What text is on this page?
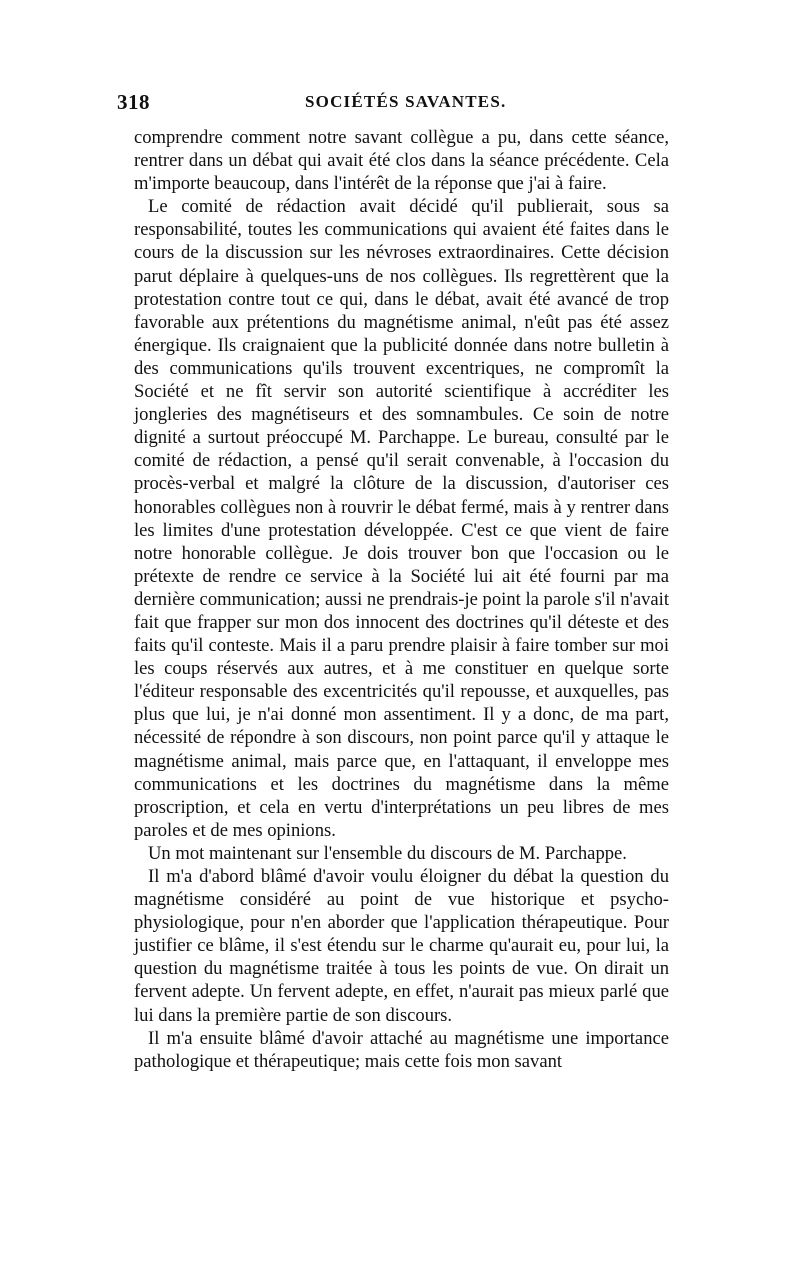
318	SOCIÉTÉS SAVANTES.

comprendre comment notre savant collègue a pu, dans cette séance, rentrer dans un débat qui avait été clos dans la séance précédente. Cela m'importe beaucoup, dans l'intérêt de la réponse que j'ai à faire.

Le comité de rédaction avait décidé qu'il publierait, sous sa responsabilité, toutes les communications qui avaient été faites dans le cours de la discussion sur les névroses extraordinaires. Cette décision parut déplaire à quelques-uns de nos collègues. Ils regrettèrent que la protestation contre tout ce qui, dans le débat, avait été avancé de trop favorable aux prétentions du magnétisme animal, n'eût pas été assez énergique. Ils craignaient que la publicité donnée dans notre bulletin à des communications qu'ils trouvent excentriques, ne compromît la Société et ne fît servir son autorité scientifique à accréditer les jongleries des magnétiseurs et des somnambules. Ce soin de notre dignité a surtout préoccupé M. Parchappe. Le bureau, consulté par le comité de rédaction, a pensé qu'il serait convenable, à l'occasion du procès-verbal et malgré la clôture de la discussion, d'autoriser ces honorables collègues non à rouvrir le débat fermé, mais à y rentrer dans les limites d'une protestation développée. C'est ce que vient de faire notre honorable collègue. Je dois trouver bon que l'occasion ou le prétexte de rendre ce service à la Société lui ait été fourni par ma dernière communication; aussi ne prendrais-je point la parole s'il n'avait fait que frapper sur mon dos innocent des doctrines qu'il déteste et des faits qu'il conteste. Mais il a paru prendre plaisir à faire tomber sur moi les coups réservés aux autres, et à me constituer en quelque sorte l'éditeur responsable des excentricités qu'il repousse, et auxquelles, pas plus que lui, je n'ai donné mon assentiment. Il y a donc, de ma part, nécessité de répondre à son discours, non point parce qu'il y attaque le magnétisme animal, mais parce que, en l'attaquant, il enveloppe mes communications et les doctrines du magnétisme dans la même proscription, et cela en vertu d'interprétations un peu libres de mes paroles et de mes opinions.

Un mot maintenant sur l'ensemble du discours de M. Parchappe.

Il m'a d'abord blâmé d'avoir voulu éloigner du débat la question du magnétisme considéré au point de vue historique et psycho-physiologique, pour n'en aborder que l'application thérapeutique. Pour justifier ce blâme, il s'est étendu sur le charme qu'aurait eu, pour lui, la question du magnétisme traitée à tous les points de vue. On dirait un fervent adepte. Un fervent adepte, en effet, n'aurait pas mieux parlé que lui dans la première partie de son discours.

Il m'a ensuite blâmé d'avoir attaché au magnétisme une importance pathologique et thérapeutique; mais cette fois mon savant
